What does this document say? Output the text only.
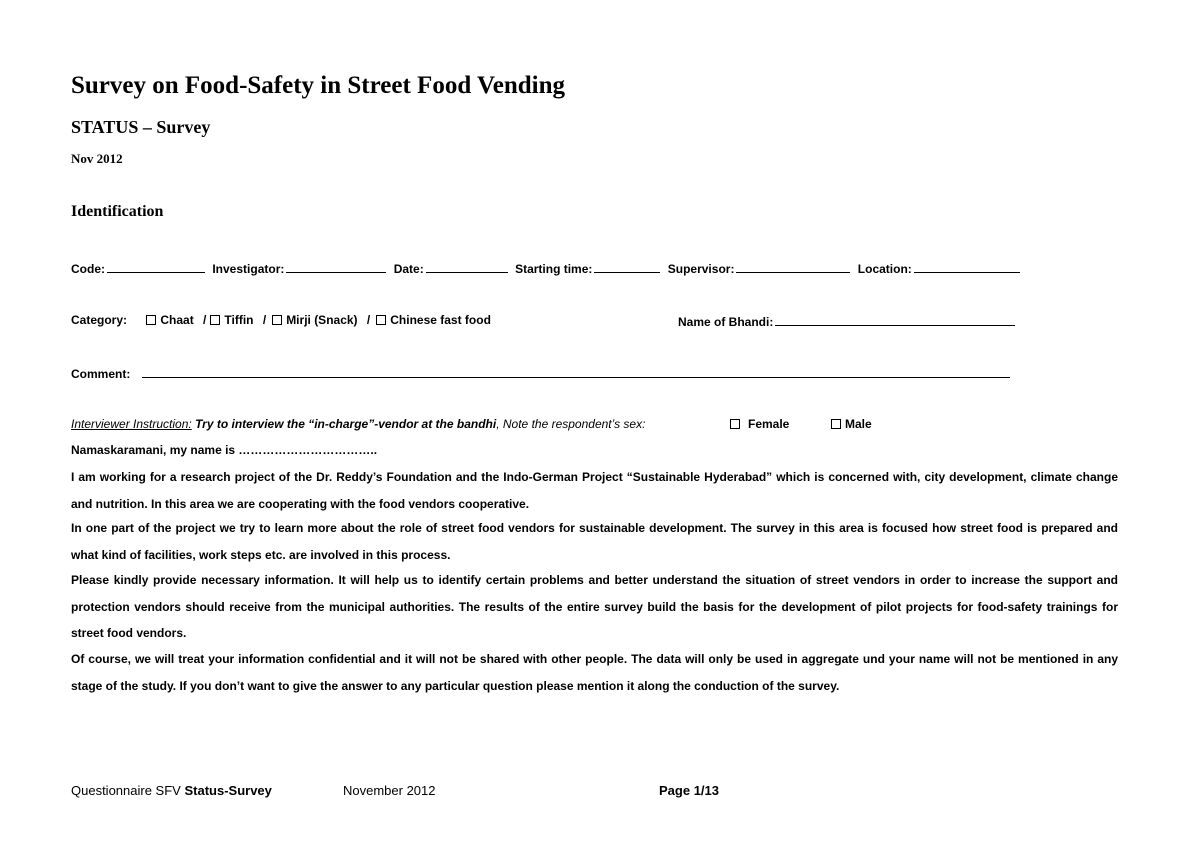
Survey on Food-Safety in Street Food Vending
STATUS – Survey
Nov 2012
Identification
Code:	Investigator:	Date:	Starting time:	Supervisor:	Location:
Category:	Chaat / Tiffin / Mirji (Snack) / Chinese fast food	Name of Bhandi:
Comment:
Interviewer Instruction: Try to interview the “in-charge”-vendor at the bandhi, Note the respondent’s sex:	Female	Male
Namaskaramani, my name is ……………………………..
I am working for a research project of the Dr. Reddy’s Foundation and the Indo-German Project “Sustainable Hyderabad” which is concerned with, city development, climate change and nutrition. In this area we are cooperating with the food vendors cooperative.
In one part of the project we try to learn more about the role of street food vendors for sustainable development. The survey in this area is focused how street food is prepared and what kind of facilities, work steps etc. are involved in this process.
Please kindly provide necessary information. It will help us to identify certain problems and better understand the situation of street vendors in order to increase the support and protection vendors should receive from the municipal authorities. The results of the entire survey build the basis for the development of pilot projects for food-safety trainings for street food vendors.
Of course, we will treat your information confidential and it will not be shared with other people. The data will only be used in aggregate und your name will not be mentioned in any stage of the study. If you don’t want to give the answer to any particular question please mention it along the conduction of the survey.
Questionnaire SFV Status-Survey	November 2012	Page 1/13
